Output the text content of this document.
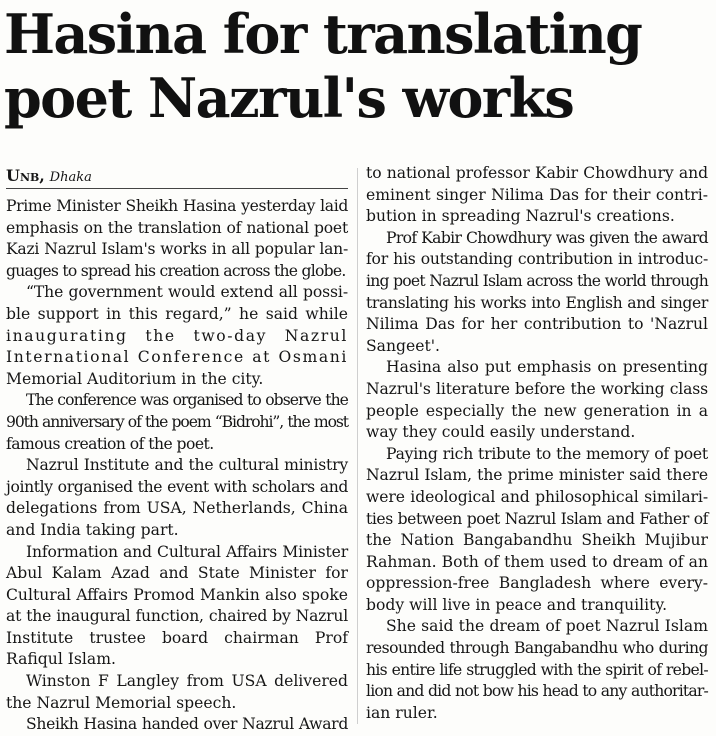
Hasina for translating
poet Nazrul's works
Unb, Dhaka
Prime Minister Sheikh Hasina yesterday laid
emphasis on the translation of national poet
Kazi Nazrul Islam's works in all popular lan-
guages to spread his creation across the globe.
“The government would extend all possi-
ble support in this regard,” he said while
inaugurating the two-day Nazrul
International Conference at Osmani
Memorial Auditorium in the city.
The conference was organised to observe the
90th anniversary of the poem “Bidrohi”, the most
famous creation of the poet.
Nazrul Institute and the cultural ministry
jointly organised the event with scholars and
delegations from USA, Netherlands, China
and India taking part.
Information and Cultural Affairs Minister
Abul Kalam Azad and State Minister for
Cultural Affairs Promod Mankin also spoke
at the inaugural function, chaired by Nazrul
Institute trustee board chairman Prof
Rafiqul Islam.
Winston F Langley from USA delivered
the Nazrul Memorial speech.
Sheikh Hasina handed over Nazrul Award
to national professor Kabir Chowdhury and
eminent singer Nilima Das for their contri-
bution in spreading Nazrul's creations.
Prof Kabir Chowdhury was given the award
for his outstanding contribution in introduc-
ing poet Nazrul Islam across the world through
translating his works into English and singer
Nilima Das for her contribution to 'Nazrul
Sangeet'.
Hasina also put emphasis on presenting
Nazrul's literature before the working class
people especially the new generation in a
way they could easily understand.
Paying rich tribute to the memory of poet
Nazrul Islam, the prime minister said there
were ideological and philosophical similari-
ties between poet Nazrul Islam and Father of
the Nation Bangabandhu Sheikh Mujibur
Rahman. Both of them used to dream of an
oppression-free Bangladesh where every-
body will live in peace and tranquility.
She said the dream of poet Nazrul Islam
resounded through Bangabandhu who during
his entire life struggled with the spirit of rebel-
lion and did not bow his head to any authoritar-
ian ruler.
